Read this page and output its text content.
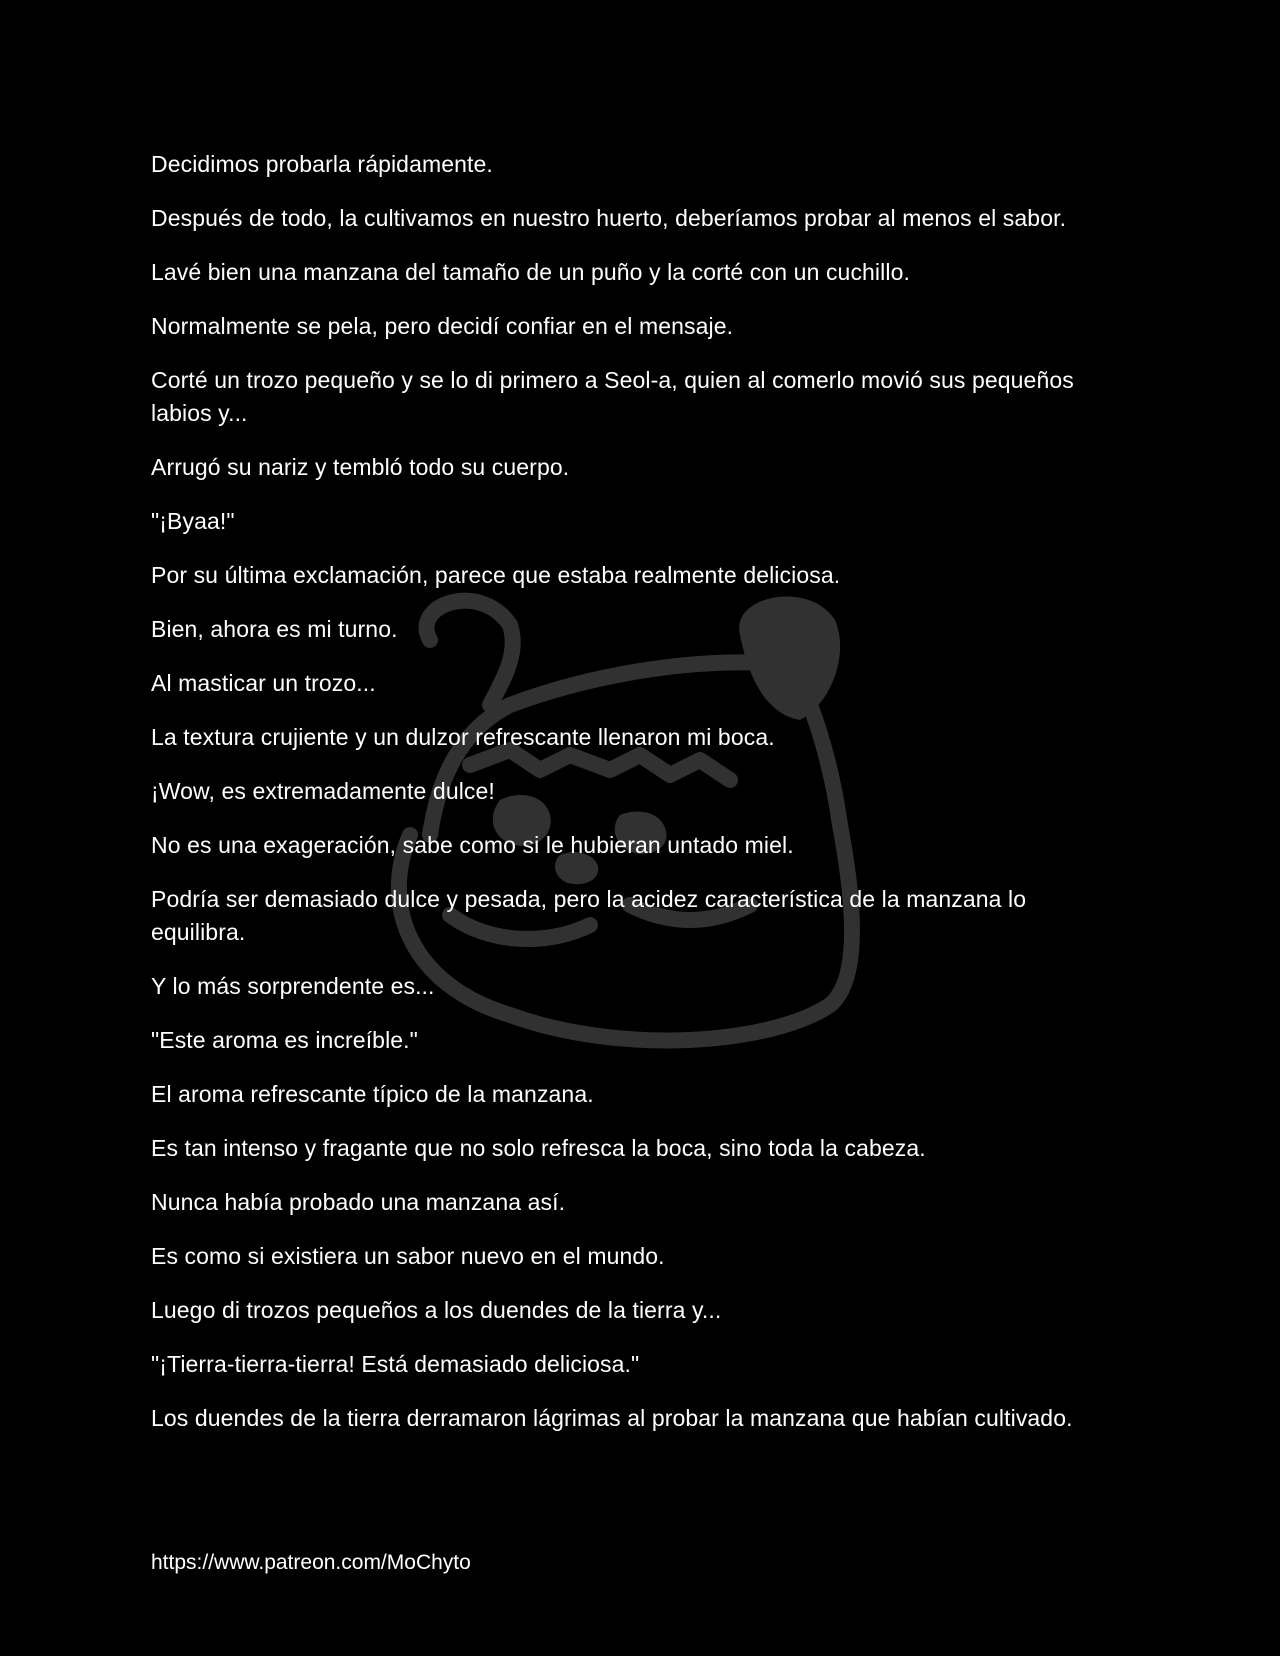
Decidimos probarla rápidamente.

Después de todo, la cultivamos en nuestro huerto, deberíamos probar al menos el sabor.

Lavé bien una manzana del tamaño de un puño y la corté con un cuchillo.

Normalmente se pela, pero decidí confiar en el mensaje.

Corté un trozo pequeño y se lo di primero a Seol-a, quien al comerlo movió sus pequeños labios y...

Arrugó su nariz y tembló todo su cuerpo.

"¡Byaa!"

Por su última exclamación, parece que estaba realmente deliciosa.

Bien, ahora es mi turno.

Al masticar un trozo...

La textura crujiente y un dulzor refrescante llenaron mi boca.

¡Wow, es extremadamente dulce!

No es una exageración, sabe como si le hubieran untado miel.

Podría ser demasiado dulce y pesada, pero la acidez característica de la manzana lo equilibra.

Y lo más sorprendente es...

"Este aroma es increíble."

El aroma refrescante típico de la manzana.

Es tan intenso y fragante que no solo refresca la boca, sino toda la cabeza.

Nunca había probado una manzana así.

Es como si existiera un sabor nuevo en el mundo.

Luego di trozos pequeños a los duendes de la tierra y...

"¡Tierra-tierra-tierra! Está demasiado deliciosa."

Los duendes de la tierra derramaron lágrimas al probar la manzana que habían cultivado.

https://www.patreon.com/MoChyto
